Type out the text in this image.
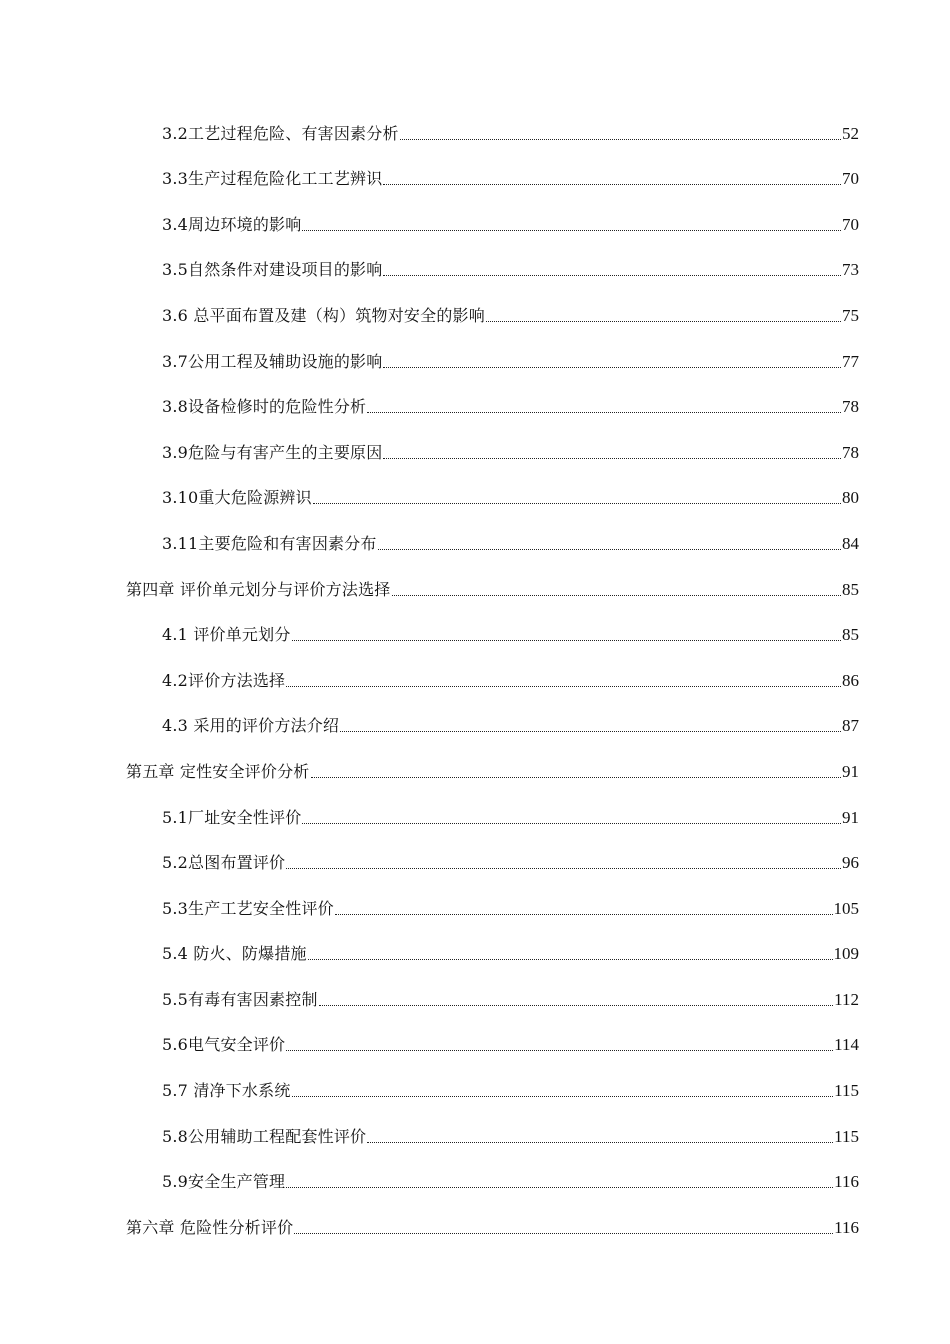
3.2工艺过程危险、有害因素分析	52
3.3生产过程危险化工工艺辨识	70
3.4周边环境的影响	70
3.5自然条件对建设项目的影响	73
3.6 总平面布置及建（构）筑物对安全的影响	75
3.7公用工程及辅助设施的影响	77
3.8设备检修时的危险性分析	78
3.9危险与有害产生的主要原因	78
3.10重大危险源辨识	80
3.11主要危险和有害因素分布	84
第四章 评价单元划分与评价方法选择	85
4.1 评价单元划分	85
4.2评价方法选择	86
4.3 采用的评价方法介绍	87
第五章 定性安全评价分析	91
5.1厂址安全性评价	91
5.2总图布置评价	96
5.3生产工艺安全性评价	105
5.4 防火、防爆措施	109
5.5有毒有害因素控制	112
5.6电气安全评价	114
5.7 清净下水系统	115
5.8公用辅助工程配套性评价	115
5.9安全生产管理	116
第六章 危险性分析评价	116
